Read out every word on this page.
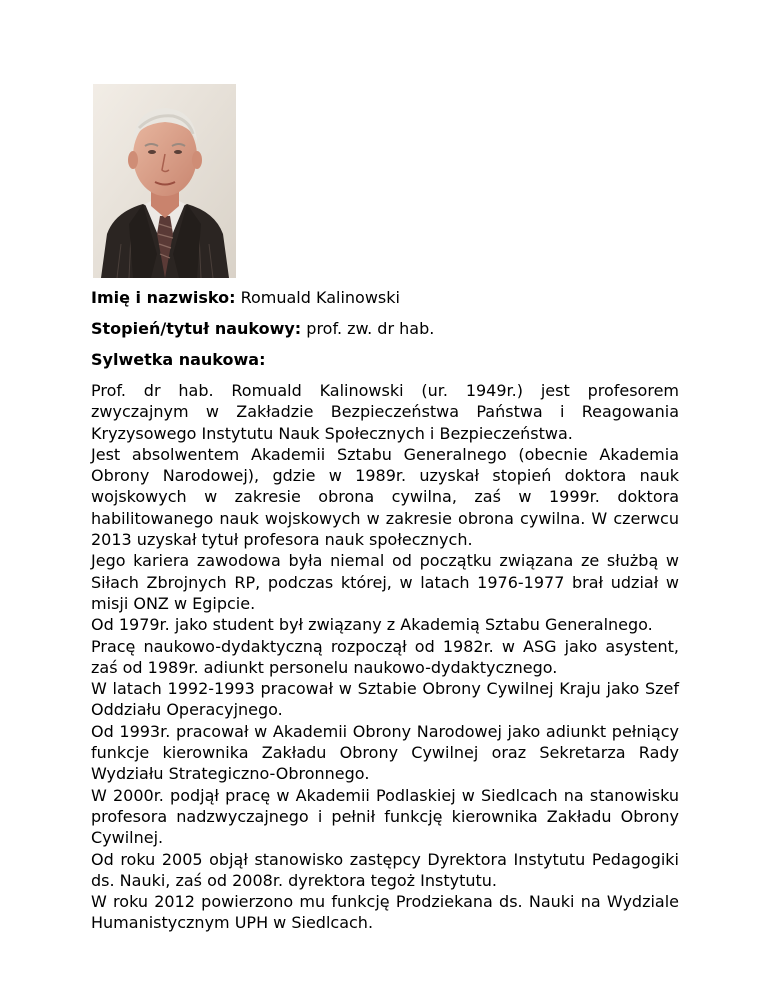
Imię i nazwisko: Romuald Kalinowski
Stopień/tytuł naukowy: prof. zw. dr hab.
Sylwetka naukowa:

Prof. dr hab. Romuald Kalinowski (ur. 1949r.) jest profesorem zwyczajnym w Zakładzie Bezpieczeństwa Państwa i Reagowania Kryzysowego Instytutu Nauk Społecznych i Bezpieczeństwa.

Jest absolwentem Akademii Sztabu Generalnego (obecnie Akademia Obrony Narodowej), gdzie w 1989r. uzyskał stopień doktora nauk wojskowych w zakresie obrona cywilna, zaś w 1999r. doktora habilitowanego nauk wojskowych w zakresie obrona cywilna. W czerwcu 2013 uzyskał tytuł profesora nauk społecznych.

Jego kariera zawodowa była niemal od początku związana ze służbą w Siłach Zbrojnych RP, podczas której, w latach 1976-1977 brał udział w misji ONZ w Egipcie.

Od 1979r. jako student był związany z Akademią Sztabu Generalnego.

Pracę naukowo-dydaktyczną rozpoczął od 1982r. w ASG jako asystent, zaś od 1989r. adiunkt personelu naukowo-dydaktycznego.

W latach 1992-1993 pracował w Sztabie Obrony Cywilnej Kraju jako Szef Oddziału Operacyjnego.

Od 1993r. pracował w Akademii Obrony Narodowej jako adiunkt pełniący funkcje kierownika Zakładu Obrony Cywilnej oraz Sekretarza Rady Wydziału Strategiczno-Obronnego.

W 2000r. podjął pracę w Akademii Podlaskiej w Siedlcach na stanowisku profesora nadzwyczajnego i pełnił funkcję kierownika Zakładu Obrony Cywilnej.

Od roku 2005 objął stanowisko zastępcy Dyrektora Instytutu Pedagogiki ds. Nauki, zaś od 2008r. dyrektora tegoż Instytutu.

W roku 2012 powierzono mu funkcję Prodziekana ds. Nauki na Wydziale Humanistycznym UPH w Siedlcach.
